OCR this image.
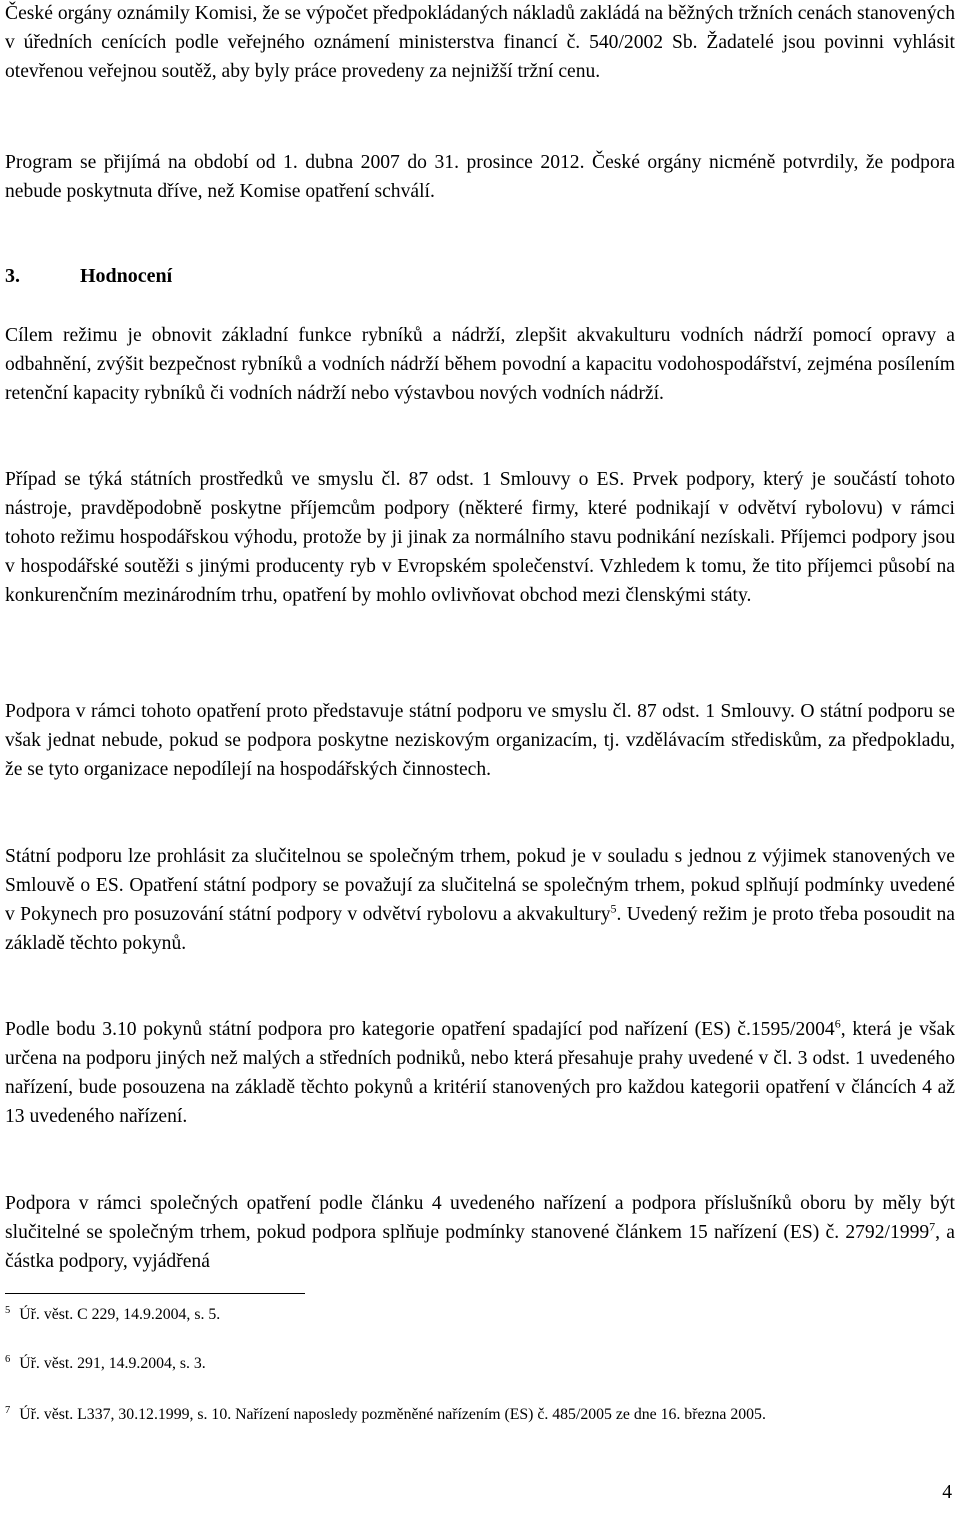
České orgány oznámily Komisi, že se výpočet předpokládaných nákladů zakládá na běžných tržních cenách stanovených v úředních cenících podle veřejného oznámení ministerstva financí č. 540/2002 Sb. Žadatelé jsou povinni vyhlásit otevřenou veřejnou soutěž, aby byly práce provedeny za nejnižší tržní cenu.

Program se přijímá na období od 1. dubna 2007 do 31. prosince 2012. České orgány nicméně potvrdily, že podpora nebude poskytnuta dříve, než Komise opatření schválí.

Cílem režimu je obnovit základní funkce rybníků a nádrží, zlepšit akvakulturu vodních nádrží pomocí opravy a odbahnění, zvýšit bezpečnost rybníků a vodních nádrží během povodní a kapacitu vodohospodářství, zejména posílením retenční kapacity rybníků či vodních nádrží nebo výstavbou nových vodních nádrží.

Případ se týká státních prostředků ve smyslu čl. 87 odst. 1 Smlouvy o ES. Prvek podpory, který je součástí tohoto nástroje, pravděpodobně poskytne příjemcům podpory (některé firmy, které podnikají v odvětví rybolovu) v rámci tohoto režimu hospodářskou výhodu, protože by ji jinak za normálního stavu podnikání nezískali. Příjemci podpory jsou v hospodářské soutěži s jinými producenty ryb v Evropském společenství. Vzhledem k tomu, že tito příjemci působí na konkurenčním mezinárodním trhu, opatření by mohlo ovlivňovat obchod mezi členskými státy.

Podpora v rámci tohoto opatření proto představuje státní podporu ve smyslu čl. 87 odst. 1 Smlouvy. O státní podporu se však jednat nebude, pokud se podpora poskytne neziskovým organizacím, tj. vzdělávacím střediskům, za předpokladu, že se tyto organizace nepodílejí na hospodářských činnostech.

Státní podporu lze prohlásit za slučitelnou se společným trhem, pokud je v souladu s jednou z výjimek stanovených ve Smlouvě o ES. Opatření státní podpory se považují za slučitelná se společným trhem, pokud splňují podmínky uvedené v Pokynech pro posuzování státní podpory v odvětví rybolovu a akvakultury$^5$. Uvedený režim je proto třeba posoudit na základě těchto pokynů.

Podle bodu 3.10 pokynů státní podpora pro kategorie opatření spadající pod nařízení (ES) č.1595/2004$^6$, která je však určena na podporu jiných než malých a středních podniků, nebo která přesahuje prahy uvedené v čl. 3 odst. 1 uvedeného nařízení, bude posouzena na základě těchto pokynů a kritérií stanovených pro každou kategorii opatření v článcích 4 až 13 uvedeného nařízení.

Podpora v rámci společných opatření podle článku 4 uvedeného nařízení a podpora příslušníků oboru by měly být slučitelné se společným trhem, pokud podpora splňuje podmínky stanovené článkem 15 nařízení (ES) č. 2792/1999$^7$, a částka podpory, vyjádřená

3.	Hodnocení
$^5$ Úř. věst. C 229, 14.9.2004, s. 5.
$^6$ Úř. věst. 291, 14.9.2004, s. 3.
$^7$ Úř. věst. L337, 30.12.1999, s. 10. Nařízení naposledy pozměněné nařízením (ES) č. 485/2005 ze dne 16. března 2005.
4
